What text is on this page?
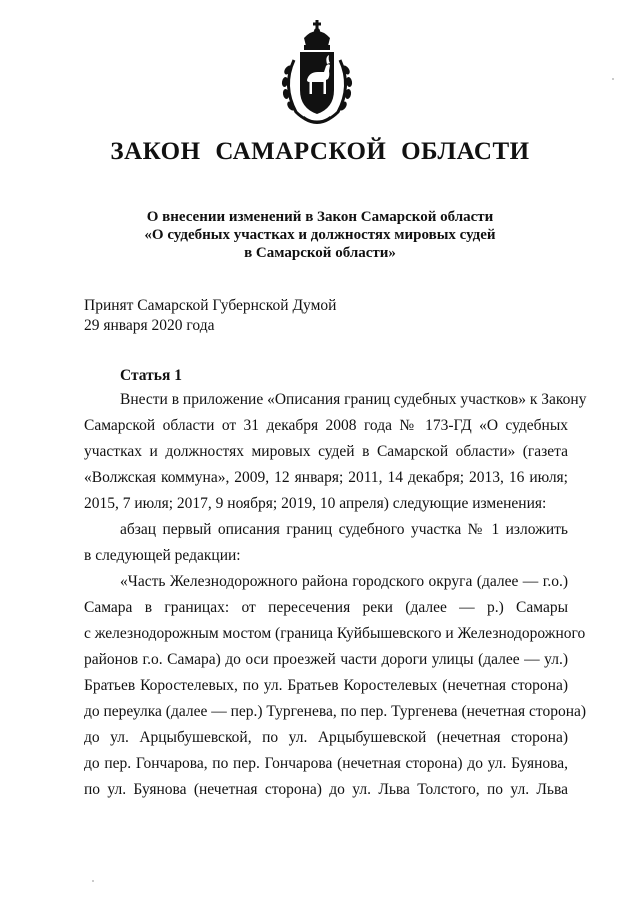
ЗАКОН САМАРСКОЙ ОБЛАСТИ
О внесении изменений в Закон Самарской области
«О судебных участках и должностях мировых судей
в Самарской области»
Принят Самарской Губернской Думой
29 января 2020 года
Статья 1
Внести в приложение «Описания границ судебных участков» к Закону
Самарской области от 31 декабря 2008 года № 173-ГД «О судебных
участках и должностях мировых судей в Самарской области» (газета
«Волжская коммуна», 2009, 12 января; 2011, 14 декабря; 2013, 16 июля;
2015, 7 июля; 2017, 9 ноября; 2019, 10 апреля) следующие изменения:
абзац первый описания границ судебного участка № 1 изложить
в следующей редакции:
«Часть Железнодорожного района городского округа (далее — г.о.)
Самара в границах: от пересечения реки (далее — р.) Самары
с железнодорожным мостом (граница Куйбышевского и Железнодорожного
районов г.о. Самара) до оси проезжей части дороги улицы (далее — ул.)
Братьев Коростелевых, по ул. Братьев Коростелевых (нечетная сторона)
до переулка (далее — пер.) Тургенева, по пер. Тургенева (нечетная сторона)
до ул. Арцыбушевской, по ул. Арцыбушевской (нечетная сторона)
до пер. Гончарова, по пер. Гончарова (нечетная сторона) до ул. Буянова,
по ул. Буянова (нечетная сторона) до ул. Льва Толстого, по ул. Льва
